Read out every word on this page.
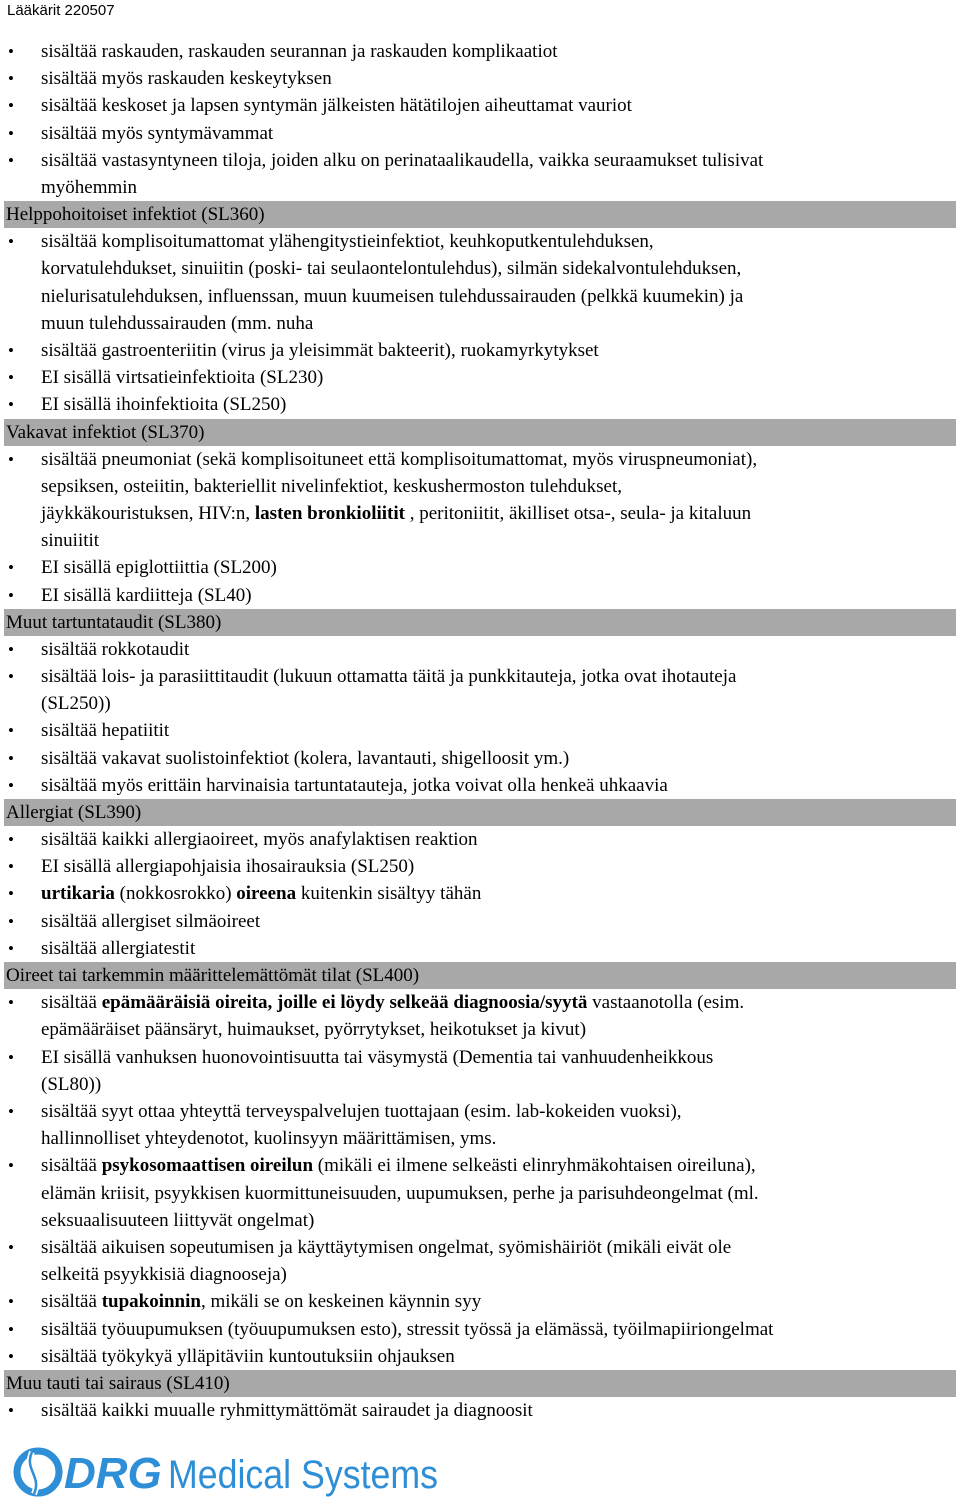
Lääkärit 220507
• sisältää raskauden, raskauden seurannan ja raskauden komplikaatiot
• sisältää myös raskauden keskeytyksen
• sisältää keskoset ja lapsen syntymän jälkeisten hätätilojen aiheuttamat vauriot
• sisältää myös syntymävammat
• sisältää vastasyntyneen tiloja, joiden alku on perinataalikaudella, vaikka seuraamukset tulisivat
myöhemmin
Helppohoitoiset infektiot (SL360)
• sisältää komplisoitumattomat ylähengitystieinfektiot, keuhkoputkentulehduksen,
korvatulehdukset, sinuiitin (poski- tai seulaontelontulehdus), silmän sidekalvontulehduksen,
nielurisatulehduksen, influenssan, muun kuumeisen tulehdussairauden (pelkkä kuumekin) ja
muun tulehdussairauden (mm. nuha
• sisältää gastroenteriitin (virus ja yleisimmät bakteerit), ruokamyrkytykset
• EI sisällä virtsatieinfektioita (SL230)
• EI sisällä ihoinfektioita (SL250)
Vakavat infektiot (SL370)
• sisältää pneumoniat (sekä komplisoituneet että komplisoitumattomat, myös viruspneumoniat),
sepsiksen, osteiitin, bakteriellit nivelinfektiot, keskushermoston tulehdukset,
jäykkäkouristuksen, HIV:n, lasten bronkioliitit , peritoniitit, äkilliset otsa-, seula- ja kitaluun
sinuiitit
• EI sisällä epiglottiittia (SL200)
• EI sisällä kardiitteja (SL40)
Muut tartuntataudit (SL380)
• sisältää rokkotaudit
• sisältää lois- ja parasiittitaudit (lukuun ottamatta täitä ja punkkitauteja, jotka ovat ihotauteja
(SL250))
• sisältää hepatiitit
• sisältää vakavat suolistoinfektiot (kolera, lavantauti, shigelloosit ym.)
• sisältää myös erittäin harvinaisia tartuntatauteja, jotka voivat olla henkeä uhkaavia
Allergiat (SL390)
• sisältää kaikki allergiaoireet, myös anafylaktisen reaktion
• EI sisällä allergiapohjaisia ihosairauksia (SL250)
• urtikaria (nokkosrokko) oireena kuitenkin sisältyy tähän
• sisältää allergiset silmäoireet
• sisältää allergiatestit
Oireet tai tarkemmin määrittelemättömät tilat (SL400)
• sisältää epämääräisiä oireita, joille ei löydy selkeää diagnoosia/syytä vastaanotolla (esim.
epämääräiset päänsäryt, huimaukset, pyörrytykset, heikotukset ja kivut)
• EI sisällä vanhuksen huonovointisuutta tai väsymystä (Dementia tai vanhuudenheikkous
(SL80))
• sisältää syyt ottaa yhteyttä terveyspalvelujen tuottajaan (esim. lab-kokeiden vuoksi),
hallinnolliset yhteydenotot, kuolinsyyn määrittämisen, yms.
• sisältää psykosomaattisen oireilun (mikäli ei ilmene selkeästi elinryhmäkohtaisen oireiluna),
elämän kriisit, psyykkisen kuormittuneisuuden, uupumuksen, perhe ja parisuhdeongelmat (ml.
seksuaalisuuteen liittyvät ongelmat)
• sisältää aikuisen sopeutumisen ja käyttäytymisen ongelmat, syömishäiriöt (mikäli eivät ole
selkeitä psyykkisiä diagnooseja)
• sisältää tupakoinnin, mikäli se on keskeinen käynnin syy
• sisältää työuupumuksen (työuupumuksen esto), stressit työssä ja elämässä, työilmapiiriongelmat
• sisältää työkykyä ylläpitäviin kuntoutuksiin ohjauksen
Muu tauti tai sairaus (SL410)
• sisältää kaikki muualle ryhmittymättömät sairaudet ja diagnoosit
DRG Medical Systems
